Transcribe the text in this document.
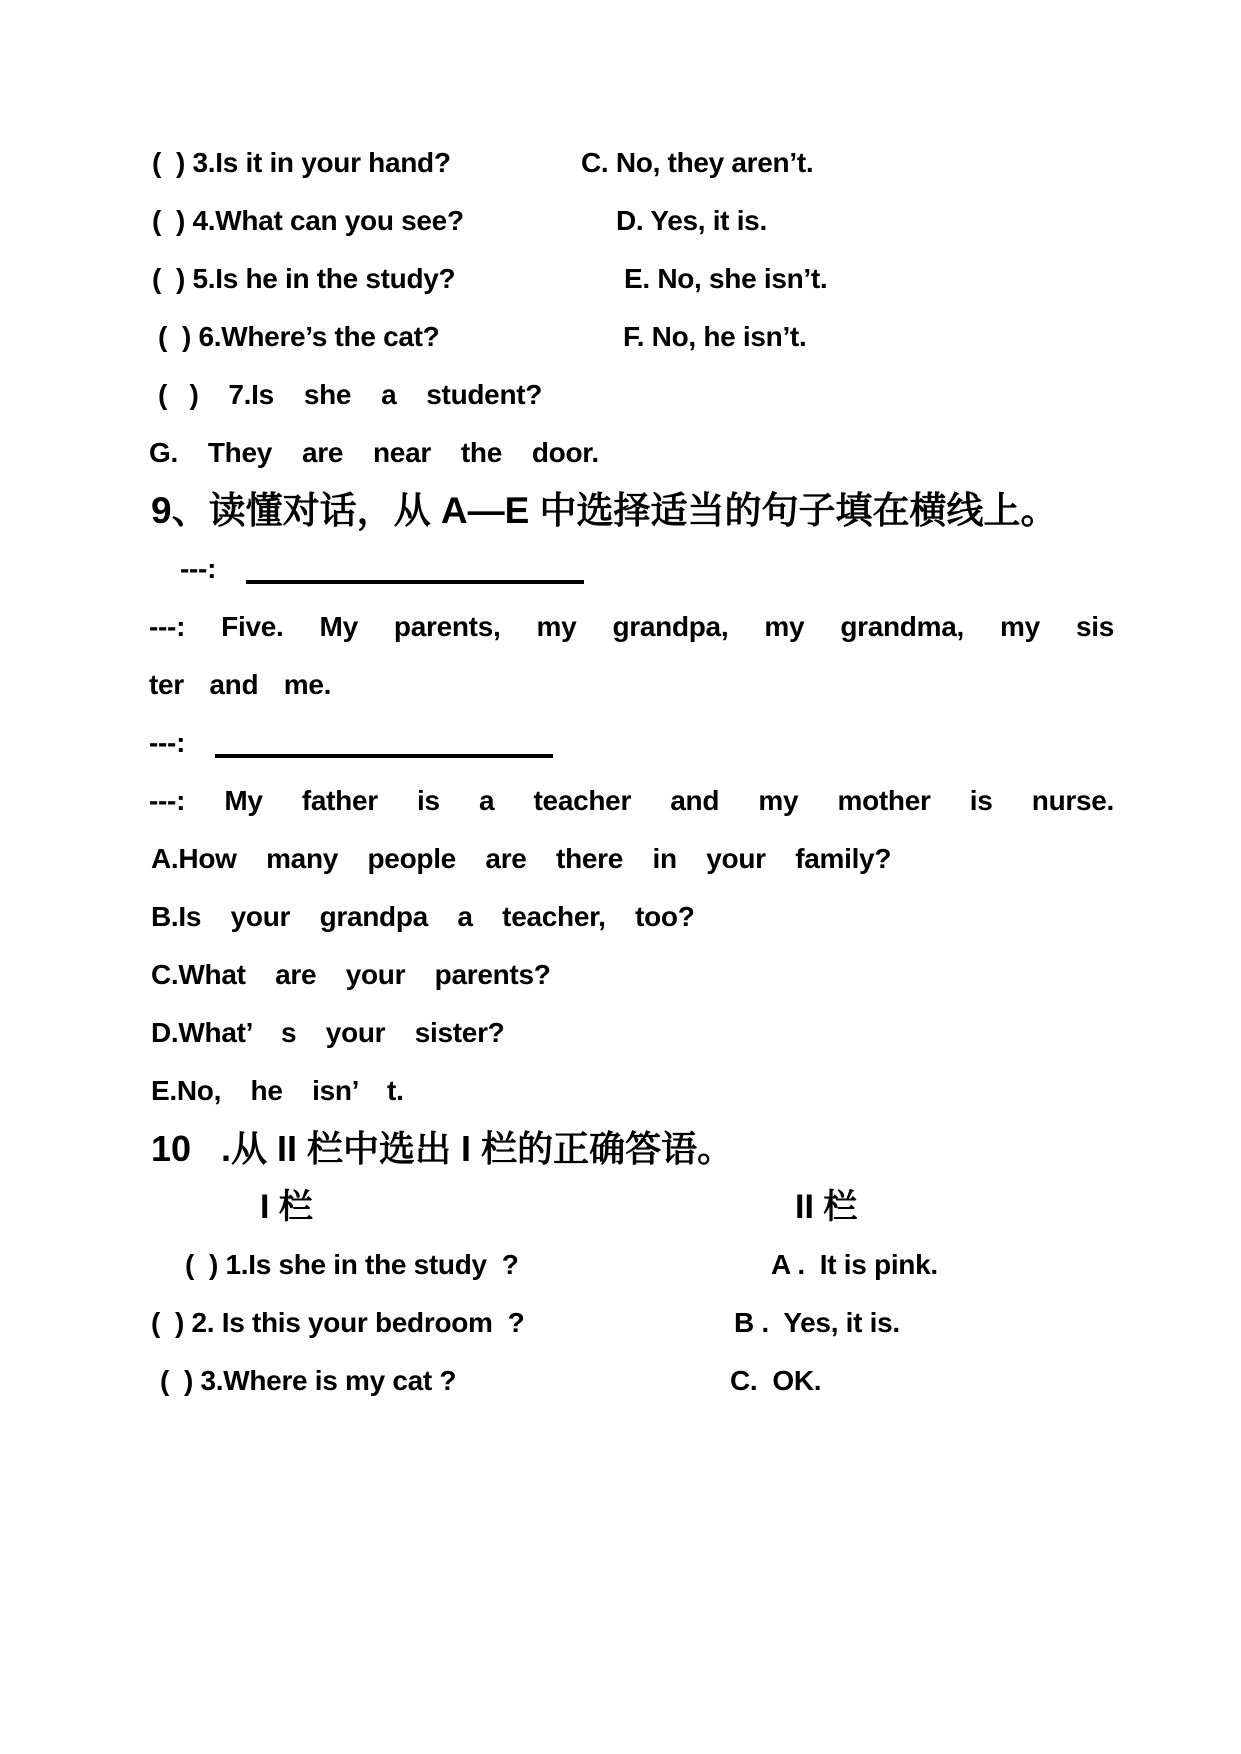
(  ) 3.Is it in your hand?	C. No, they aren’t.
(  ) 4.What can you see?	D. Yes, it is.
(  ) 5.Is he in the study?	E. No, she isn’t.
(  ) 6.Where’s the cat?	F. No, he isn’t.
(   )    7.Is    she    a    student?
G.    They    are    near    the    door.
9、读懂对话，从 A—E 中选择适当的句子填在横线上。
---:
---: Five. My parents, my grandpa, my grandma, my sis
ter and me.
---:
---: My father is a teacher and my mother is nurse.
A.How many people are there in your family?
B.Is your grandpa a teacher, too?
C.What are your parents?
D.What’ s your sister?
E.No, he isn’ t.
10   .从 II 栏中选出 I 栏的正确答语。
I 栏	II 栏
(  ) 1.Is she in the study  ?	A .  It is pink.
(  ) 2. Is this your bedroom  ?	B .  Yes, it is.
(  ) 3.Where is my cat ?	C.  OK.
